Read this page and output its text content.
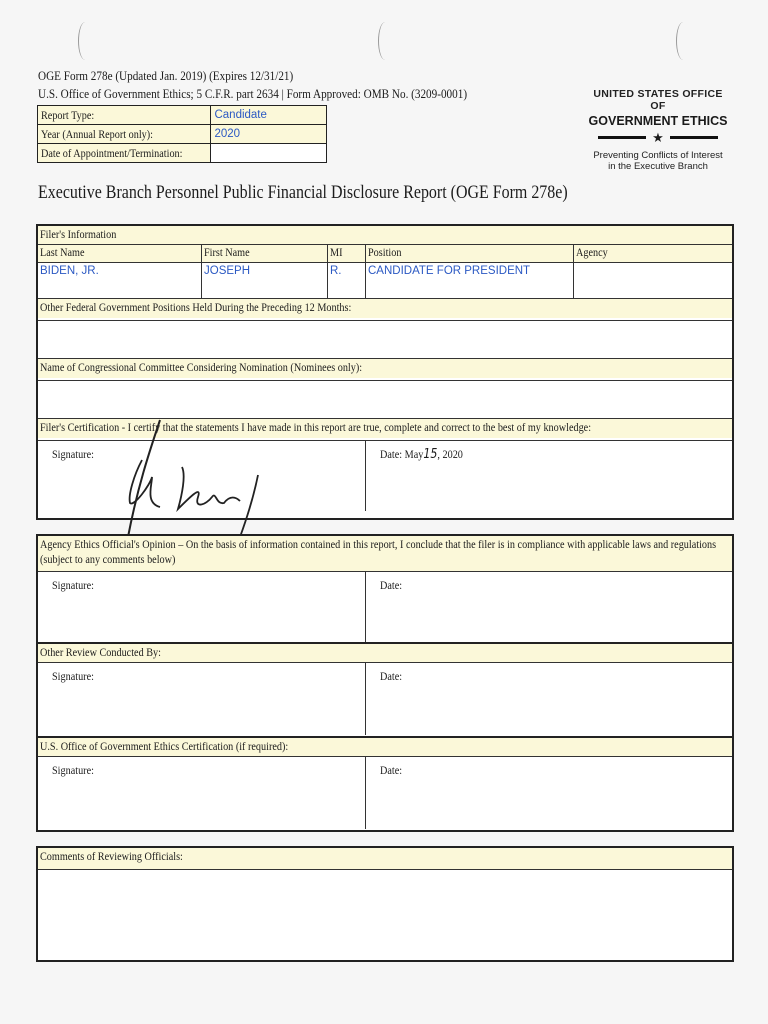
OGE Form 278e (Updated Jan. 2019) (Expires 12/31/21)
U.S. Office of Government Ethics; 5 C.F.R. part 2634 | Form Approved: OMB No. (3209-0001)
Report Type:	Candidate
Year (Annual Report only):	2020
Date of Appointment/Termination:	
UNITED STATES OFFICE OF
GOVERNMENT ETHICS
★
Preventing Conflicts of Interest
in the Executive Branch
Executive Branch Personnel Public Financial Disclosure Report (OGE Form 278e)
Filer's Information
Last Name	First Name	MI	Position	Agency
BIDEN, JR.	JOSEPH	R.	CANDIDATE FOR PRESIDENT
Other Federal Government Positions Held During the Preceding 12 Months:
Name of Congressional Committee Considering Nomination (Nominees only):
Filer's Certification - I certify that the statements I have made in this report are true, complete and correct to the best of my knowledge:
Signature:	Date: May15, 2020
Agency Ethics Official's Opinion – On the basis of information contained in this report, I conclude that the filer is in compliance with applicable laws and regulations
(subject to any comments below)
Signature:	Date:
Other Review Conducted By:
Signature:	Date:
U.S. Office of Government Ethics Certification (if required):
Signature:	Date:
Comments of Reviewing Officials:
